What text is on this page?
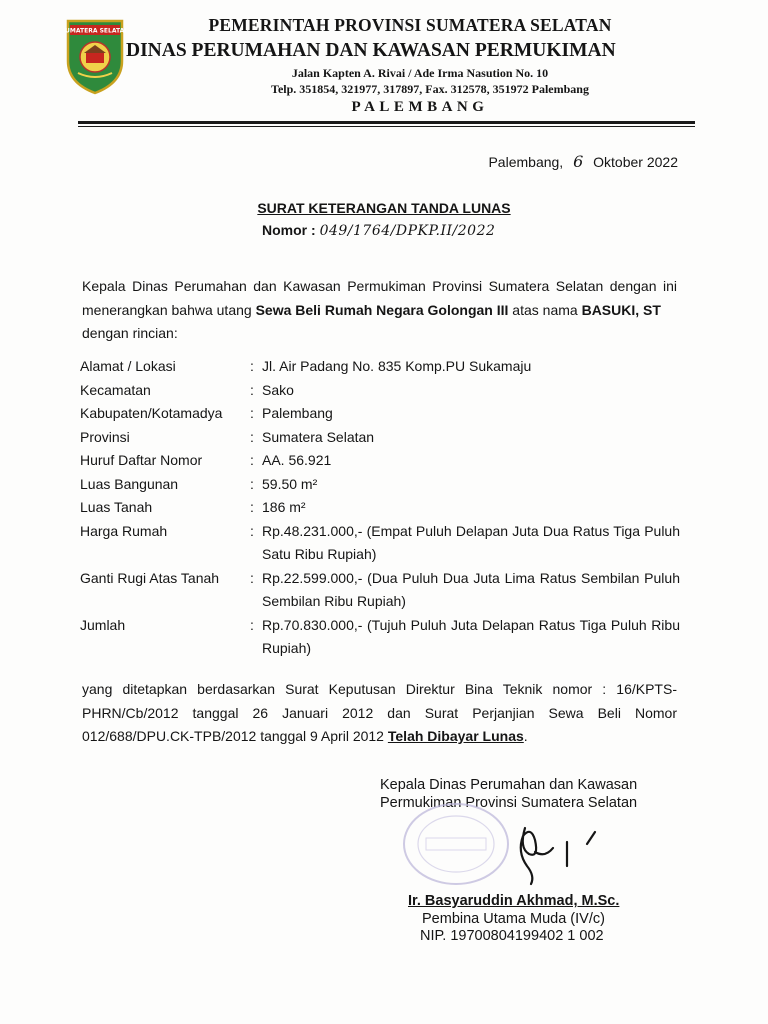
SUMATERA SELATAN	PEMERINTAH PROVINSI SUMATERA SELATAN
DINAS PERUMAHAN DAN KAWASAN PERMUKIMAN
Jalan Kapten A. Rivai / Ade Irma Nasution No. 10
Telp. 351854, 321977, 317897, Fax. 312578, 351972 Palembang
PALEMBANG
Palembang, 6 Oktober 2022
SURAT KETERANGAN TANDA LUNAS
Nomor : 049/1764/DPKP.II/2022
Kepala Dinas Perumahan dan Kawasan Permukiman Provinsi Sumatera Selatan dengan ini menerangkan bahwa utang Sewa Beli Rumah Negara Golongan III atas nama BASUKI, ST
dengan rincian:
Alamat / Lokasi	: Jl. Air Padang No. 835 Komp.PU Sukamaju
Kecamatan	: Sako
Kabupaten/Kotamadya	: Palembang
Provinsi	: Sumatera Selatan
Huruf Daftar Nomor	: AA. 56.921
Luas Bangunan	: 59.50 m²
Luas Tanah	: 186 m²
Harga Rumah	: Rp.48.231.000,- (Empat Puluh Delapan Juta Dua Ratus Tiga Puluh Satu Ribu Rupiah)
Ganti Rugi Atas Tanah	: Rp.22.599.000,- (Dua Puluh Dua Juta Lima Ratus Sembilan Puluh Sembilan Ribu Rupiah)
Jumlah	: Rp.70.830.000,- (Tujuh Puluh Juta Delapan Ratus Tiga Puluh Ribu Rupiah)
yang ditetapkan berdasarkan Surat Keputusan Direktur Bina Teknik nomor : 16/KPTS-PHRN/Cb/2012 tanggal 26 Januari 2012 dan Surat Perjanjian Sewa Beli Nomor 012/688/DPU.CK-TPB/2012 tanggal 9 April 2012 Telah Dibayar Lunas.
Kepala Dinas Perumahan dan Kawasan
Permukiman Provinsi Sumatera Selatan
Ir. Basyaruddin Akhmad, M.Sc.
Pembina Utama Muda (IV/c)
NIP. 19700804199402 1 002
